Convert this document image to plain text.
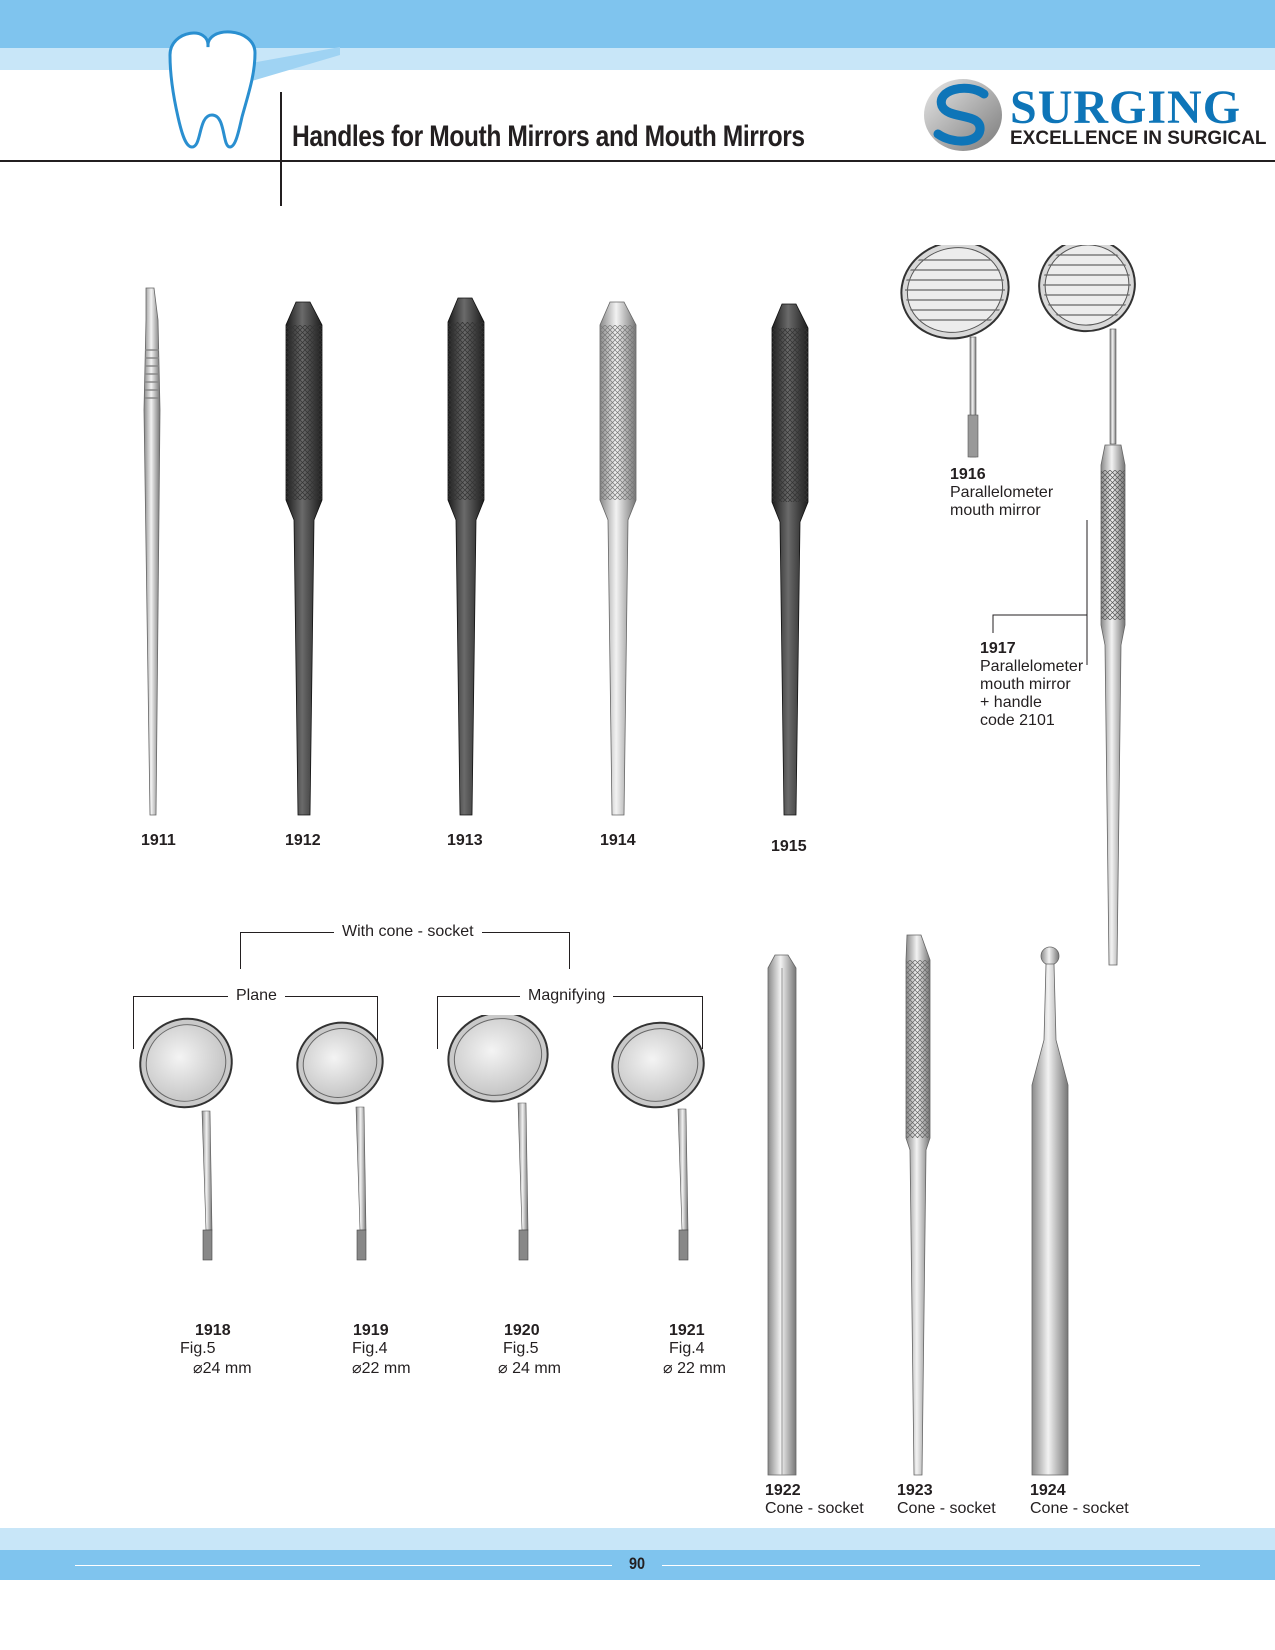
Handles for Mouth Mirrors and Mouth Mirrors
SURGING
EXCELLENCE IN SURGICAL
1911	1912	1913	1914	1915
1916
Parallelometer
mouth mirror
1917
Parallelometer
mouth mirror
+ handle
code 2101
With cone - socket
Plane	Magnifying
1918
Fig.5
⌀24 mm
1919
Fig.4
⌀22 mm
1920
Fig.5
⌀ 24 mm
1921
Fig.4
⌀ 22 mm
1922
Cone - socket
1923
Cone - socket
1924
Cone - socket
90
